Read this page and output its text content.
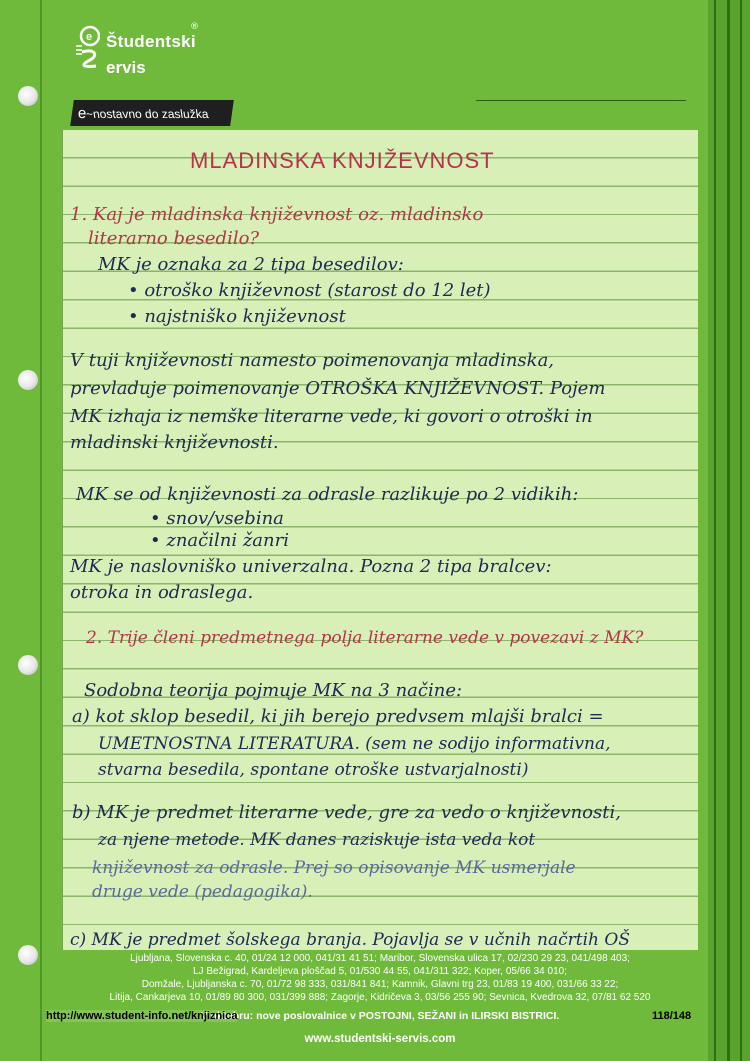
e Študentski
ervis
®
e~nostavno do zaslužka
MLADINSKA KNJIŽEVNOST
1. Kaj je mladinska književnost oz. mladinsko
literarno besedilo?
MK je oznaka za 2 tipa besedilov:
• otroško književnost (starost do 12 let)
• najstniško književnost
V tuji književnosti namesto poimenovanja mladinska,
prevladuje poimenovanje OTROŠKA KNJIŽEVNOST. Pojem
MK izhaja iz nemške literarne vede, ki govori o otroški in
mladinski književnosti.
MK se od književnosti za odrasle razlikuje po 2 vidikih:
• snov/vsebina
• značilni žanri
MK je naslovniško univerzalna. Pozna 2 tipa bralcev:
otroka in odraslega.
2. Trije členi predmetnega polja literarne vede v povezavi z MK?
Sodobna teorija pojmuje MK na 3 načine:
a) kot sklop besedil, ki jih berejo predvsem mlajši bralci =
UMETNOSTNA LITERATURA. (sem ne sodijo informativna,
stvarna besedila, spontane otroške ustvarjalnosti)
b) MK je predmet literarne vede, gre za vedo o književnosti,
za njene metode. MK danes raziskuje ista veda kot
književnost za odrasle. Prej so opisovanje MK usmerjale
druge vede (pedagogika).
c) MK je predmet šolskega branja. Pojavlja se v učnih načrtih OŠ
Ljubljana, Slovenska c. 40, 01/24 12 000, 041/31 41 51; Maribor, Slovenska ulica 17, 02/230 29 23, 041/498 403;
LJ Bežigrad, Kardeljeva ploščad 5, 01/530 44 55, 041/311 322; Koper, 05/66 34 010;
Domžale, Ljubljanska c. 70, 01/72 98 333, 031/841 841; Kamnik, Glavni trg 23, 01/83 19 400, 031/66 33 22;
Litija, Cankarjeva 10, 01/89 80 300, 031/399 888; Zagorje, Kidričeva 3, 03/56 255 90; Sevnica, Kvedrova 32, 07/81 62 520
V oktobru: nove poslovalnice v POSTOJNI, SEŽANI in ILIRSKI BISTRICI.
www.studentski-servis.com
http://www.student-info.net/knjiznica	118/148
